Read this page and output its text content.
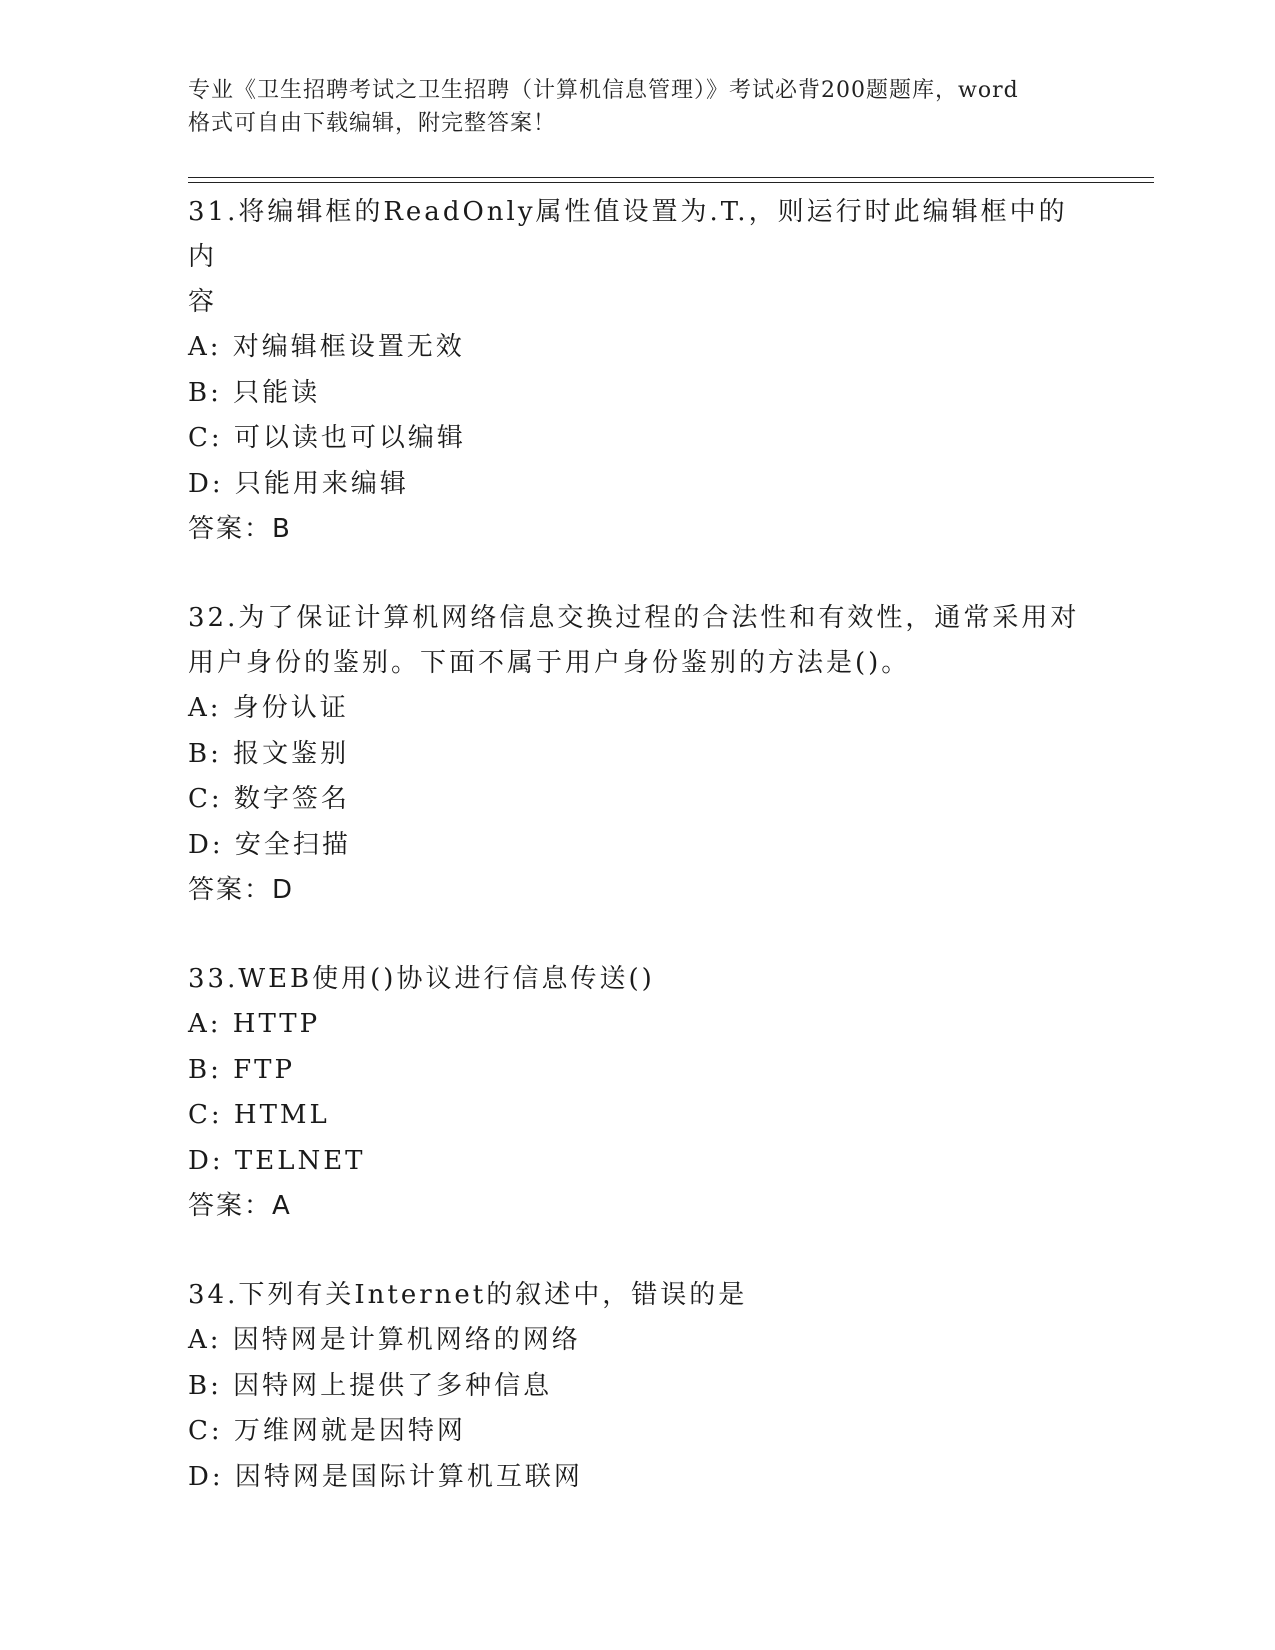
专业《卫生招聘考试之卫生招聘（计算机信息管理）》考试必背200题题库，word
格式可自由下载编辑，附完整答案！

31.将编辑框的ReadOnly属性值设置为.T.，则运行时此编辑框中的内

容

A: 对编辑框设置无效

B: 只能读

C: 可以读也可以编辑

D: 只能用来编辑

答案：B

32.为了保证计算机网络信息交换过程的合法性和有效性，通常采用对

用户身份的鉴别。下面不属于用户身份鉴别的方法是()。

A: 身份认证

B: 报文鉴别

C: 数字签名

D: 安全扫描

答案：D

33.WEB使用()协议进行信息传送()

A: HTTP

B: FTP

C: HTML

D: TELNET

答案：A

34.下列有关Internet的叙述中，错误的是

A: 因特网是计算机网络的网络

B: 因特网上提供了多种信息

C: 万维网就是因特网

D: 因特网是国际计算机互联网
